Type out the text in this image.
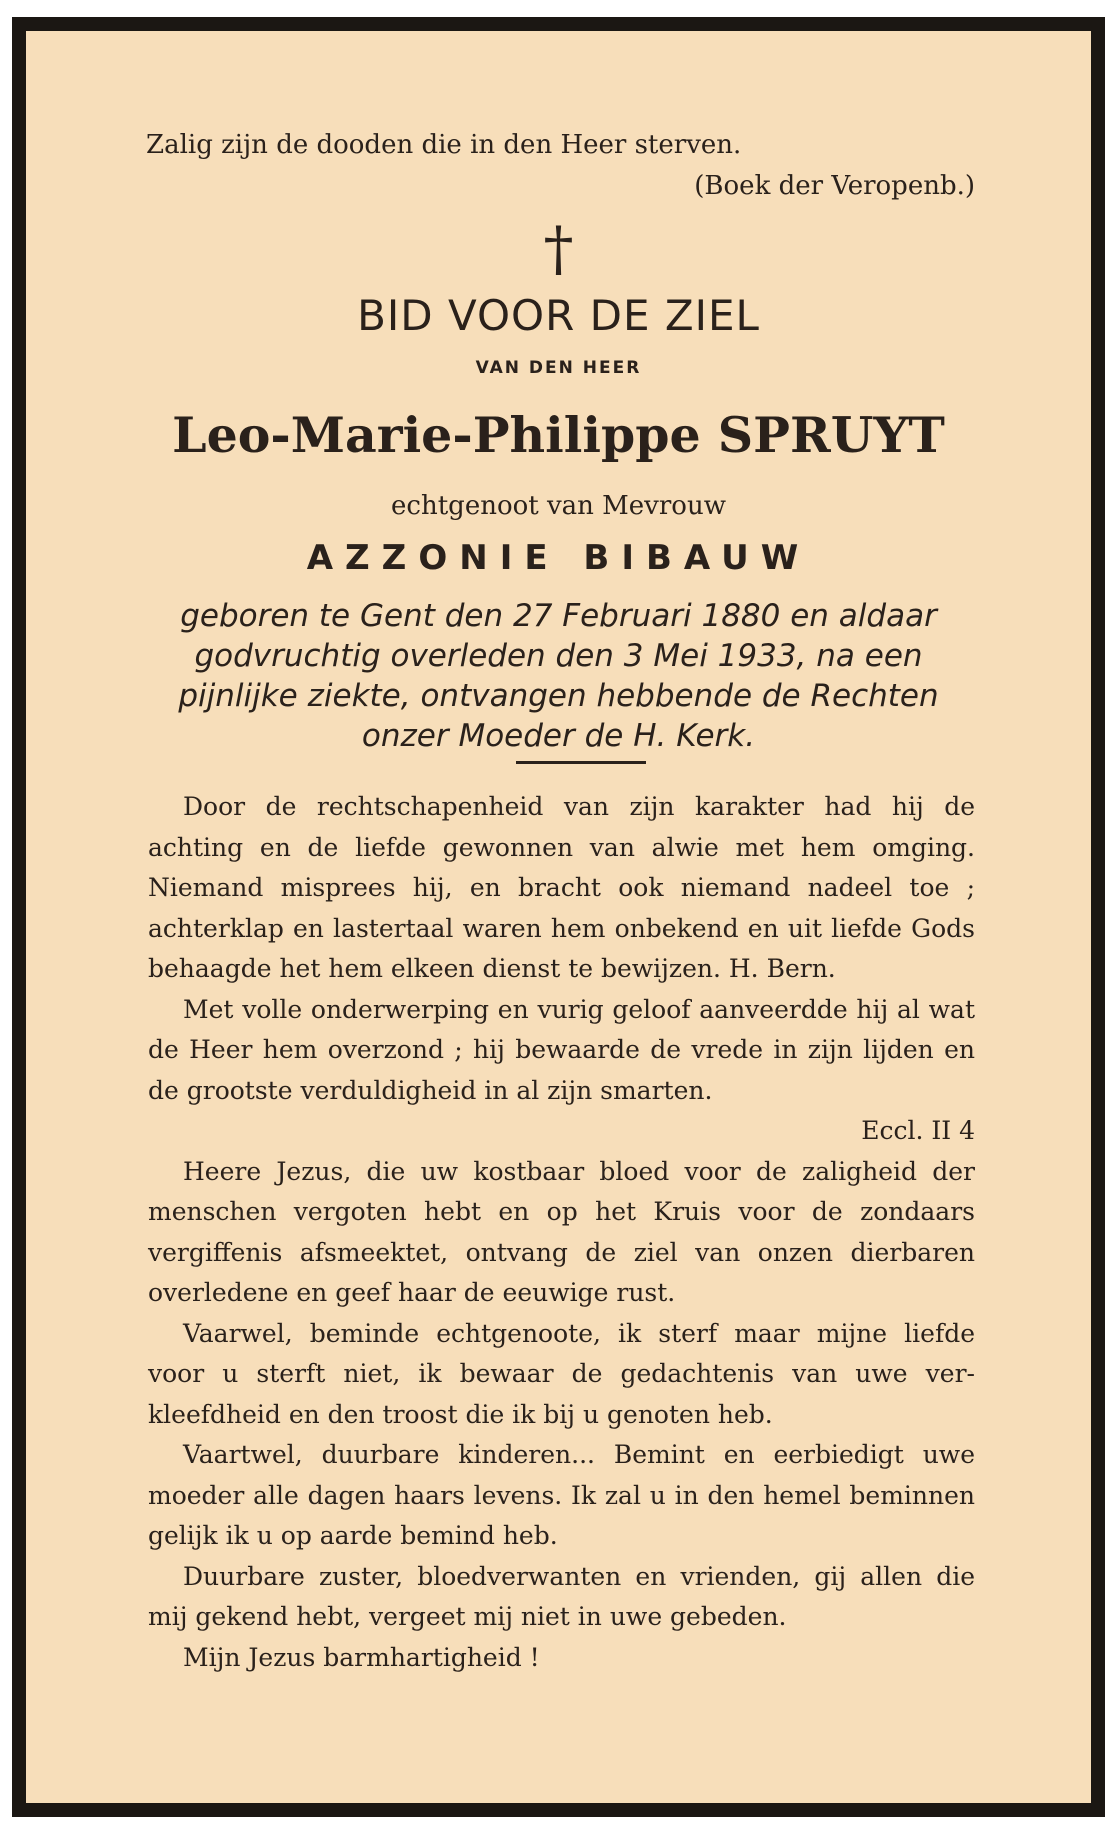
Zalig zijn de dooden die in den Heer sterven.
(Boek der Veropenb.)
†
BID VOOR DE ZIEL
VAN DEN HEER
Leo-Marie-Philippe SPRUYT
echtgenoot van Mevrouw
AZZONIE BIBAUW
geboren te Gent den 27 Februari 1880 en aldaar godvruchtig overleden den 3 Mei 1933, na een pijnlijke ziekte, ontvangen hebbende de Rechten onzer Moeder de H. Kerk.

Door de rechtschapenheid van zijn karakter had hij de achting en de liefde gewonnen van alwie met hem omging. Niemand misprees hij, en bracht ook niemand nadeel toe ; achterklap en lastertaal waren hem onbekend en uit liefde Gods behaagde het hem elkeen dienst te bewijzen. H. Bern.

Met volle onderwerping en vurig geloof aanveerdde hij al wat de Heer hem overzond ; hij bewaarde de vrede in zijn lijden en de grootste verduldigheid in al zijn smarten.

Eccl. II 4

Heere Jezus, die uw kostbaar bloed voor de zaligheid der menschen vergoten hebt en op het Kruis voor de zondaars vergiffenis afsmeektet, ontvang de ziel van onzen dierbaren overledene en geef haar de eeuwige rust.

Vaarwel, beminde echtgenoote, ik sterf maar mijne liefde voor u sterft niet, ik bewaar de gedachtenis van uwe ver-kleefdheid en den troost die ik bij u genoten heb.

Vaartwel, duurbare kinderen... Bemint en eerbiedigt uwe moeder alle dagen haars levens. Ik zal u in den hemel beminnen gelijk ik u op aarde bemind heb.

Duurbare zuster, bloedverwanten en vrienden, gij allen die mij gekend hebt, vergeet mij niet in uwe gebeden.

Mijn Jezus barmhartigheid !
